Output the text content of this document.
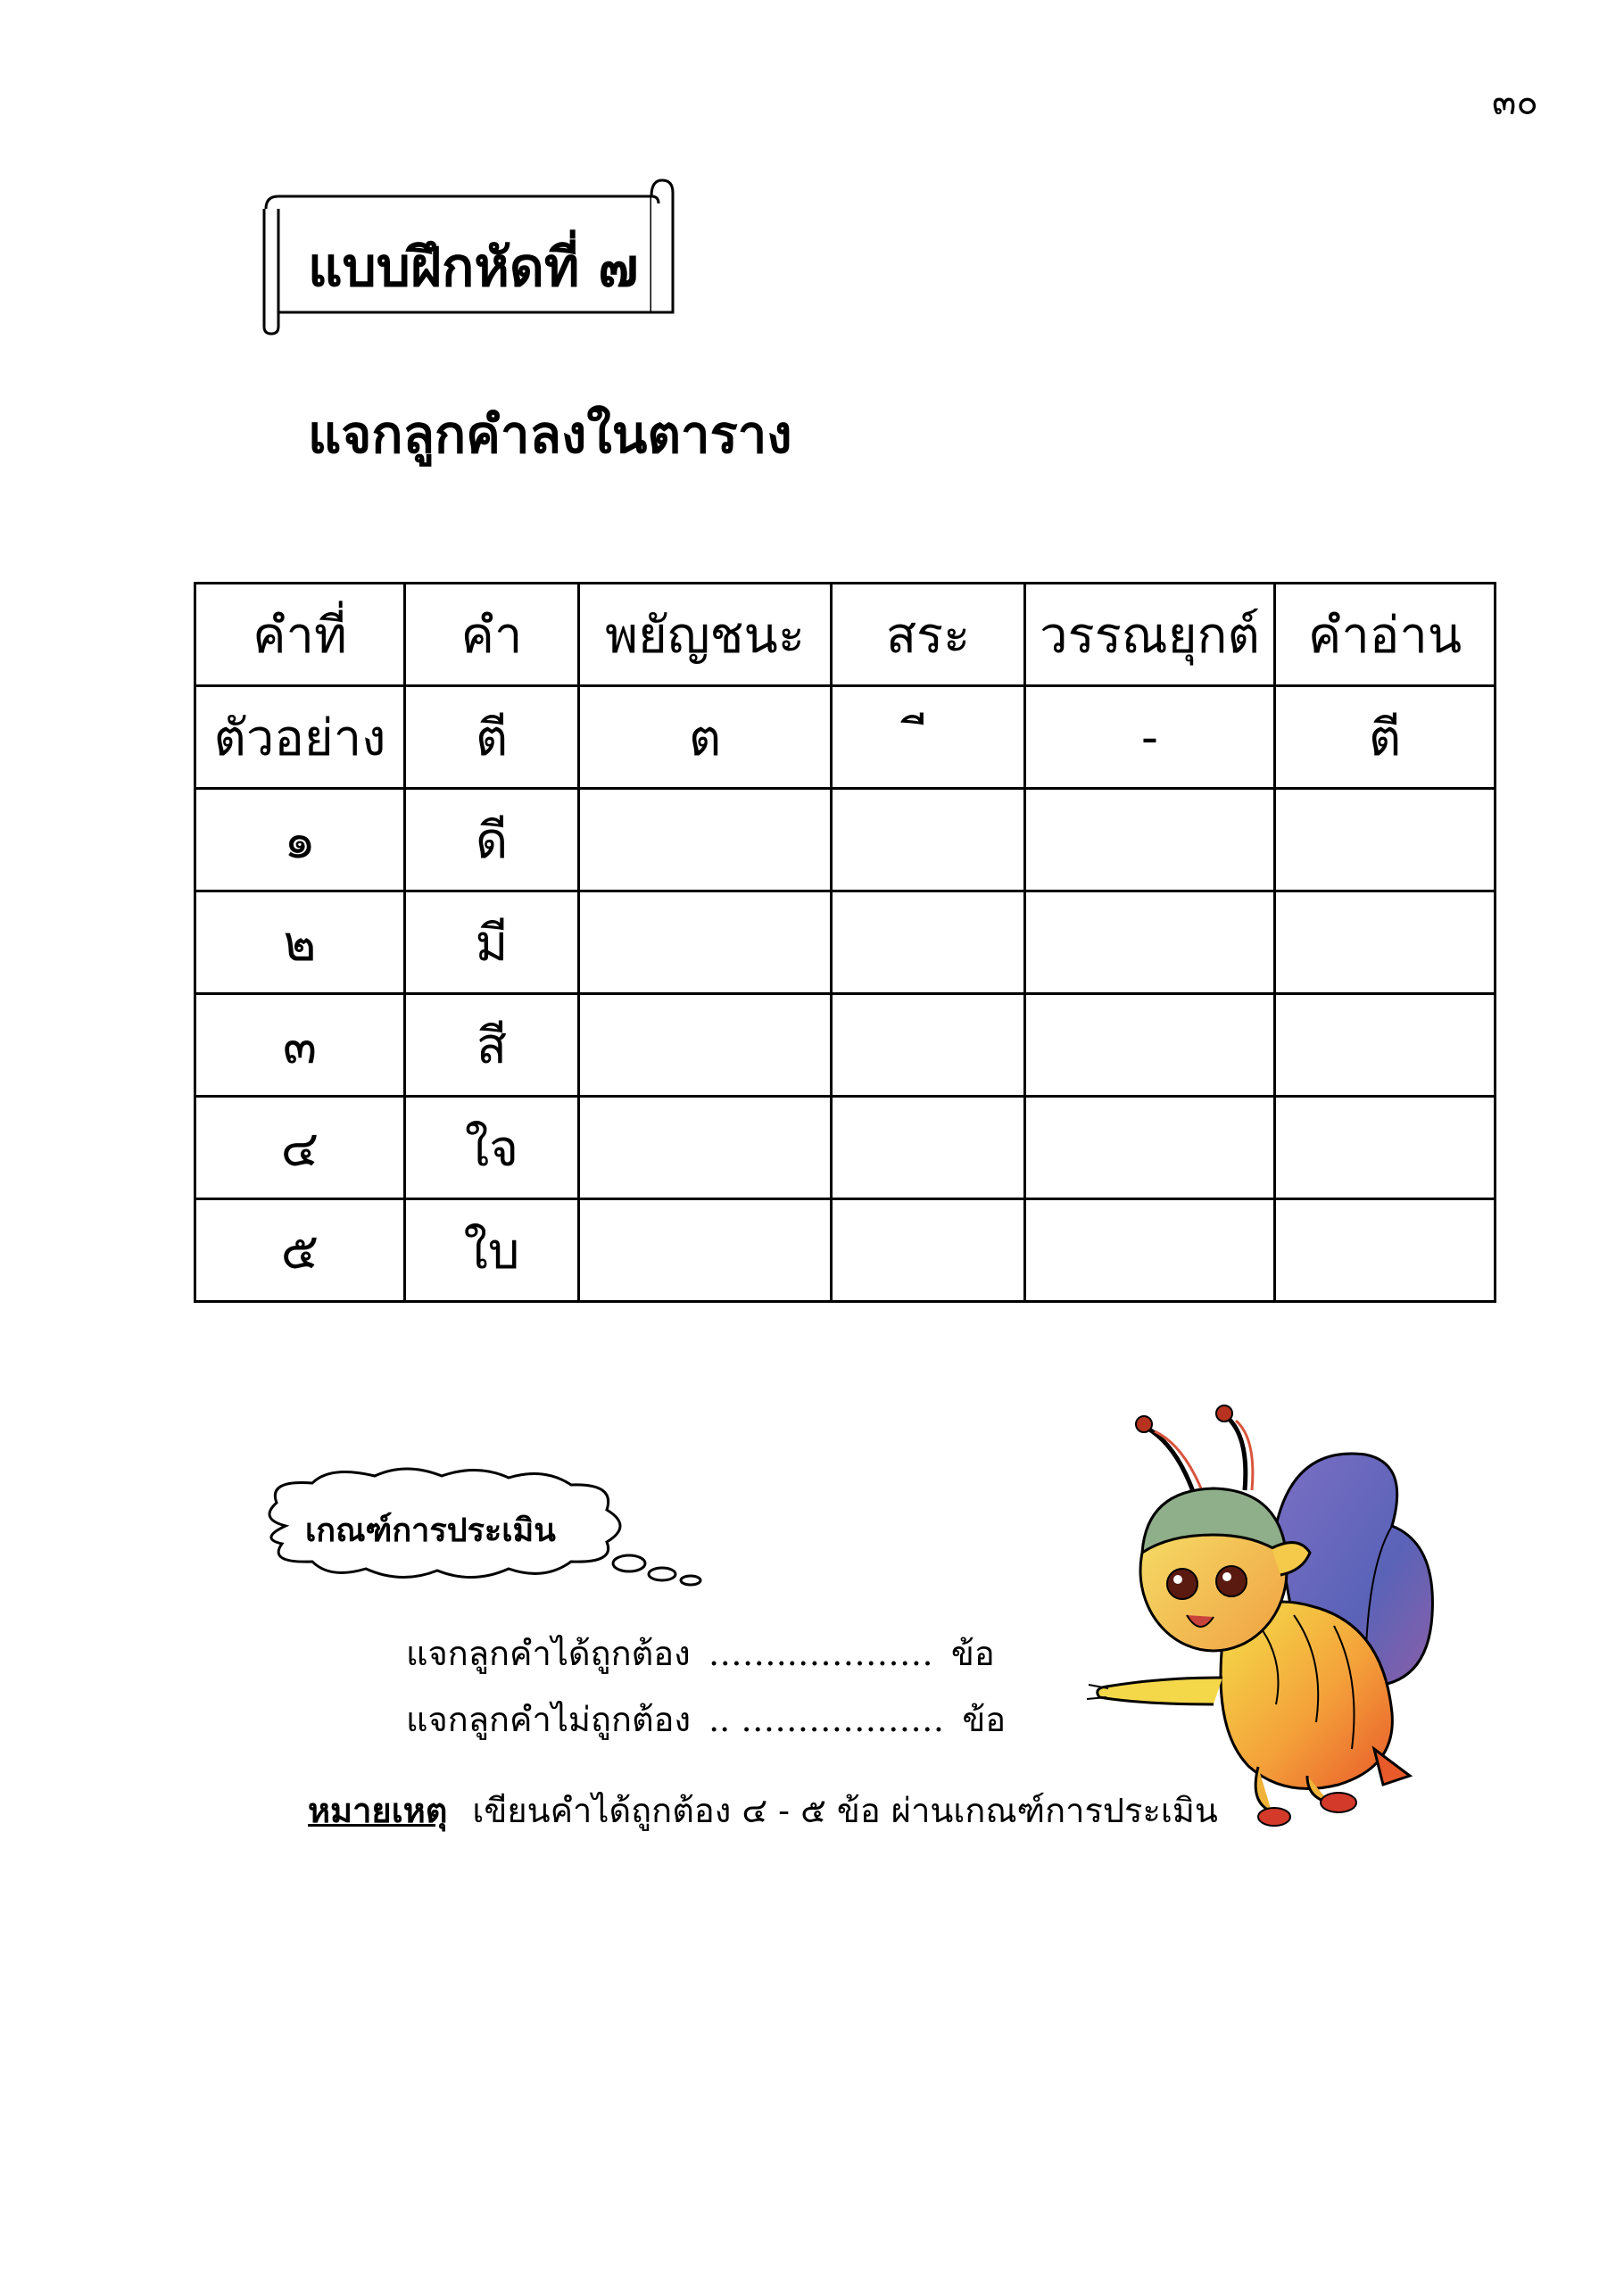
๓๐
แบบฝึกหัดที่ ๗
แจกลูกคำลงในตาราง
คำที่	คำ	พยัญชนะ	สระ	วรรณยุกต์	คำอ่าน
ตัวอย่าง	ตี	ต		-	ตี
๑	ดี				
๒	มี				
๓	สี				
๔	ใจ				
๕	ใบ				
เกณฑ์การประเมิน
แจกลูกคำได้ถูกต้อง ……..………… ข้อ
แจกลูกคำไม่ถูกต้อง .. ……………… ข้อ
หมายเหตุ เขียนคำได้ถูกต้อง ๔ - ๕ ข้อ ผ่านเกณฑ์การประเมิน
